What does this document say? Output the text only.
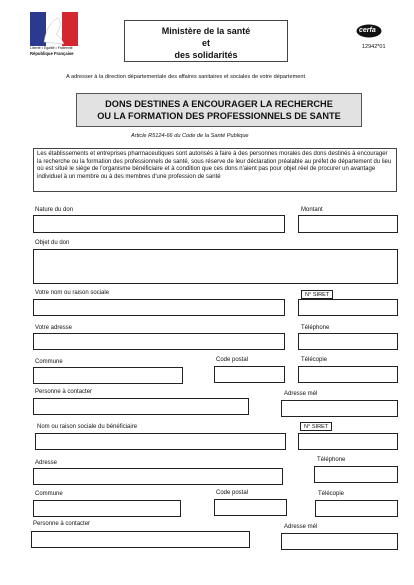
Liberté • Égalité • Fraternité
République Française
Ministère de la santé
et
des solidarités
cerfa
12942*01
A adresser à la direction départementale des affaires sanitaires et sociales de votre département
DONS DESTINES A ENCOURAGER LA RECHERCHE
OU LA FORMATION DES PROFESSIONNELS DE SANTE
Article R5124-66 du Code de la Santé Publique
Les établissements et entreprises pharmaceutiques sont autorisés à faire à des personnes morales des dons destinés à encourager la recherche ou la formation des professionnels de santé, sous réserve de leur déclaration préalable au préfet de département du lieu où est situé le siège de l'organisme bénéficiaire et à condition que ces dons n'aient pas pour objet réel de procurer un avantage individuel à un membre ou à des membres d'une profession de santé
Nature du don	Montant
Objet du don
Votre nom ou raison sociale	N° SIRET
Votre adresse	Téléphone
Commune	Code postal	Télécopie
Personne à contacter	Adresse mél
Nom ou raison sociale du bénéficiaire	N° SIRET
Adresse	Téléphone
Commune	Code postal	Télécopie
Personne à contacter	Adresse mél
